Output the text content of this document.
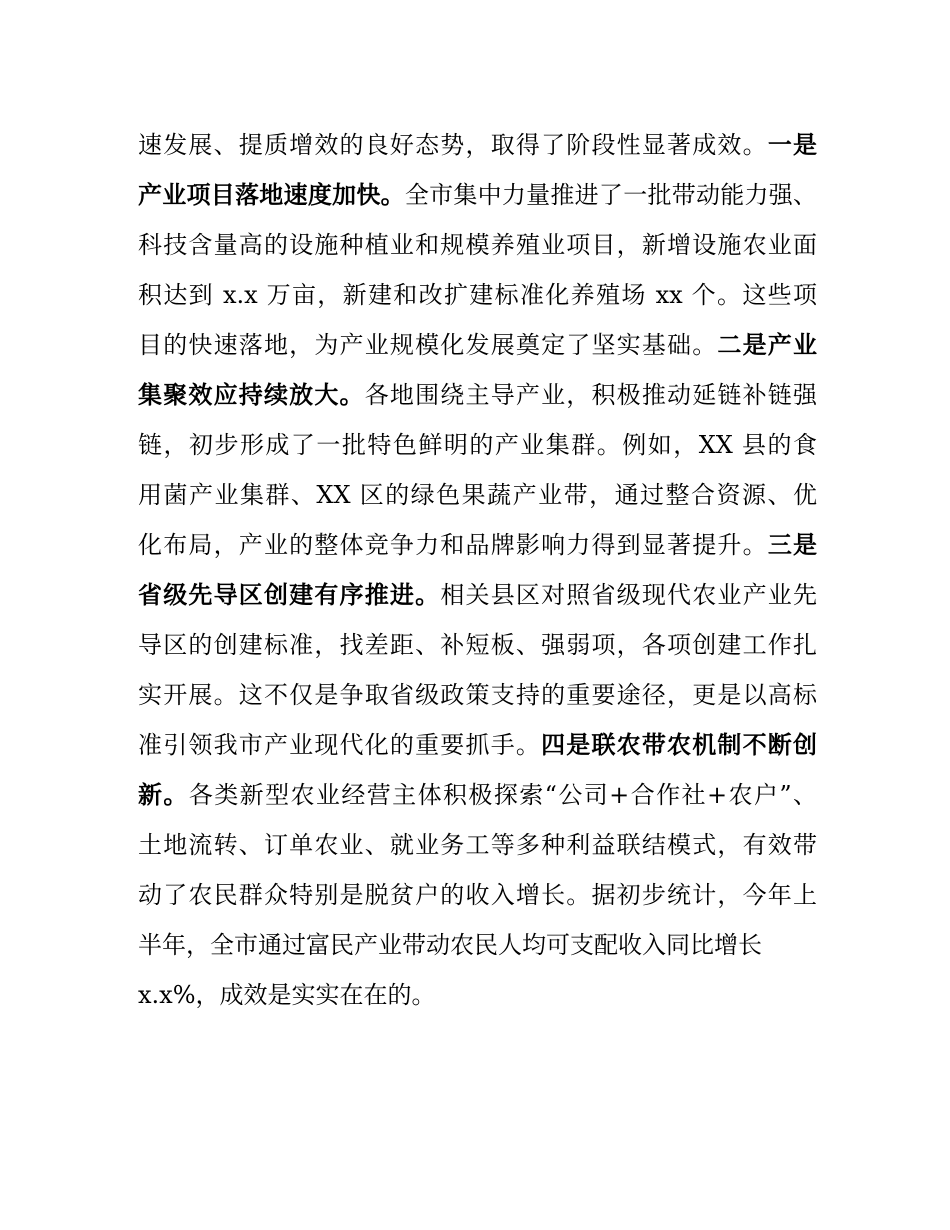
速发展、提质增效的良好态势，取得了阶段性显著成效。一是
产业项目落地速度加快。全市集中力量推进了一批带动能力强、
科技含量高的设施种植业和规模养殖业项目，新增设施农业面
积达到 x.x 万亩，新建和改扩建标准化养殖场 xx 个。这些项
目的快速落地，为产业规模化发展奠定了坚实基础。二是产业
集聚效应持续放大。各地围绕主导产业，积极推动延链补链强
链，初步形成了一批特色鲜明的产业集群。例如，XX 县的食
用菌产业集群、XX 区的绿色果蔬产业带，通过整合资源、优
化布局，产业的整体竞争力和品牌影响力得到显著提升。三是
省级先导区创建有序推进。相关县区对照省级现代农业产业先
导区的创建标准，找差距、补短板、强弱项，各项创建工作扎
实开展。这不仅是争取省级政策支持的重要途径，更是以高标
准引领我市产业现代化的重要抓手。四是联农带农机制不断创
新。各类新型农业经营主体积极探索“公司+合作社+农户”、
土地流转、订单农业、就业务工等多种利益联结模式，有效带
动了农民群众特别是脱贫户的收入增长。据初步统计，今年上
半年，全市通过富民产业带动农民人均可支配收入同比增长
x.x%，成效是实实在在的。
